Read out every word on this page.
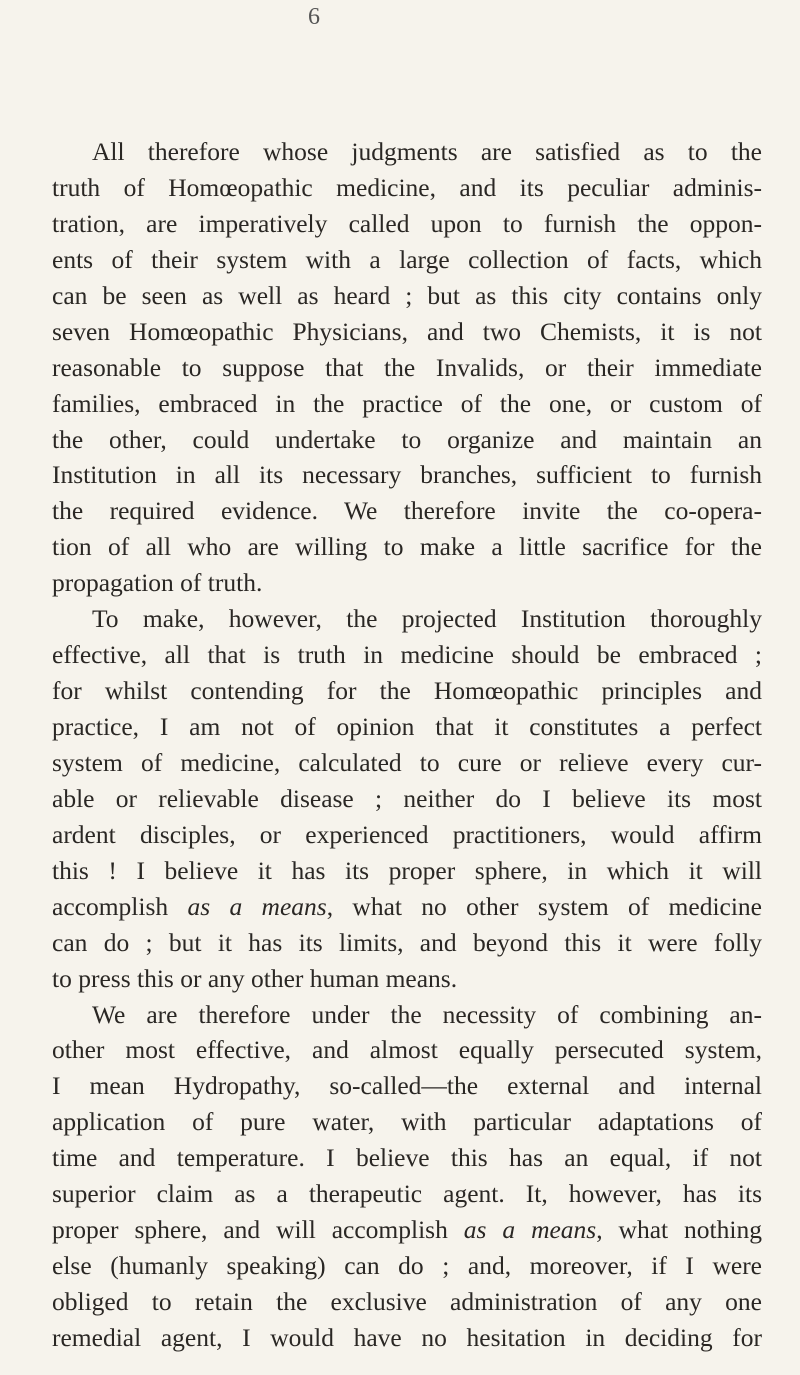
6
All therefore whose judgments are satisfied as to the
truth of Homœopathic medicine, and its peculiar adminis-
tration, are imperatively called upon to furnish the oppon-
ents of their system with a large collection of facts, which
can be seen as well as heard ; but as this city contains only
seven Homœopathic Physicians, and two Chemists, it is not
reasonable to suppose that the Invalids, or their immediate
families, embraced in the practice of the one, or custom of
the other, could undertake to organize and maintain an
Institution in all its necessary branches, sufficient to furnish
the required evidence. We therefore invite the co-opera-
tion of all who are willing to make a little sacrifice for the
propagation of truth.
To make, however, the projected Institution thoroughly
effective, all that is truth in medicine should be embraced ;
for whilst contending for the Homœopathic principles and
practice, I am not of opinion that it constitutes a perfect
system of medicine, calculated to cure or relieve every cur-
able or relievable disease ; neither do I believe its most
ardent disciples, or experienced practitioners, would affirm
this ! I believe it has its proper sphere, in which it will
accomplish as a means, what no other system of medicine
can do ; but it has its limits, and beyond this it were folly
to press this or any other human means.
We are therefore under the necessity of combining an-
other most effective, and almost equally persecuted system,
I mean Hydropathy, so-called—the external and internal
application of pure water, with particular adaptations of
time and temperature. I believe this has an equal, if not
superior claim as a therapeutic agent. It, however, has its
proper sphere, and will accomplish as a means, what nothing
else (humanly speaking) can do ; and, moreover, if I were
obliged to retain the exclusive administration of any one
remedial agent, I would have no hesitation in deciding for
